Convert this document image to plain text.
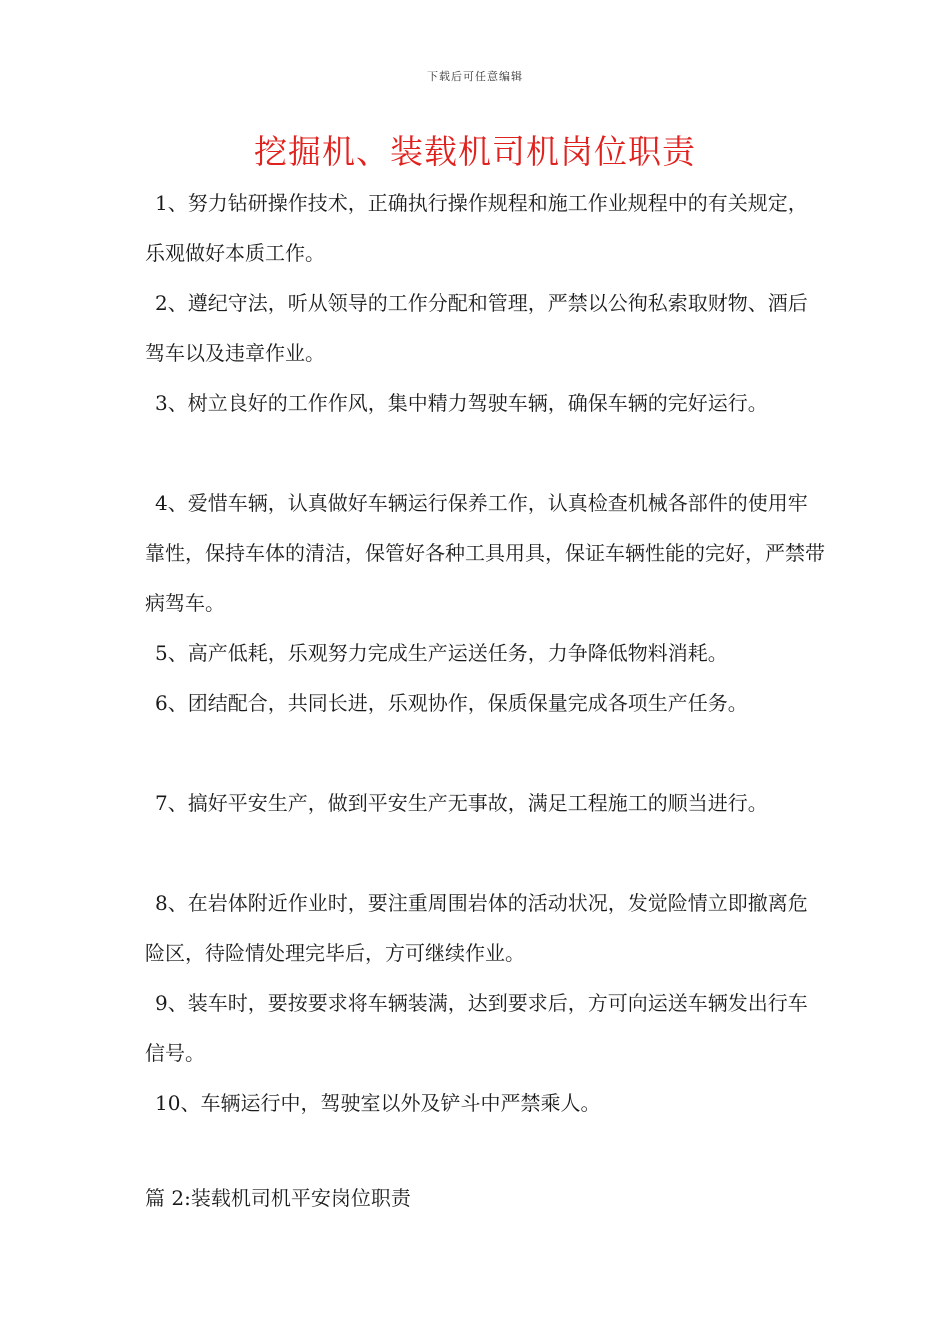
下载后可任意编辑
挖掘机、装载机司机岗位职责

1、努力钻研操作技术，正确执行操作规程和施工作业规程中的有关规定，乐观做好本质工作。

2、遵纪守法，听从领导的工作分配和管理，严禁以公徇私索取财物、酒后驾车以及违章作业。

3、树立良好的工作作风，集中精力驾驶车辆，确保车辆的完好运行。

4、爱惜车辆，认真做好车辆运行保养工作，认真检查机械各部件的使用牢靠性，保持车体的清洁，保管好各种工具用具，保证车辆性能的完好，严禁带病驾车。

5、高产低耗，乐观努力完成生产运送任务，力争降低物料消耗。

6、团结配合，共同长进，乐观协作，保质保量完成各项生产任务。

7、搞好平安生产，做到平安生产无事故，满足工程施工的顺当进行。

8、在岩体附近作业时，要注重周围岩体的活动状况，发觉险情立即撤离危险区，待险情处理完毕后，方可继续作业。

9、装车时，要按要求将车辆装满，达到要求后，方可向运送车辆发出行车信号。

10、车辆运行中，驾驶室以外及铲斗中严禁乘人。

篇 2:装载机司机平安岗位职责
